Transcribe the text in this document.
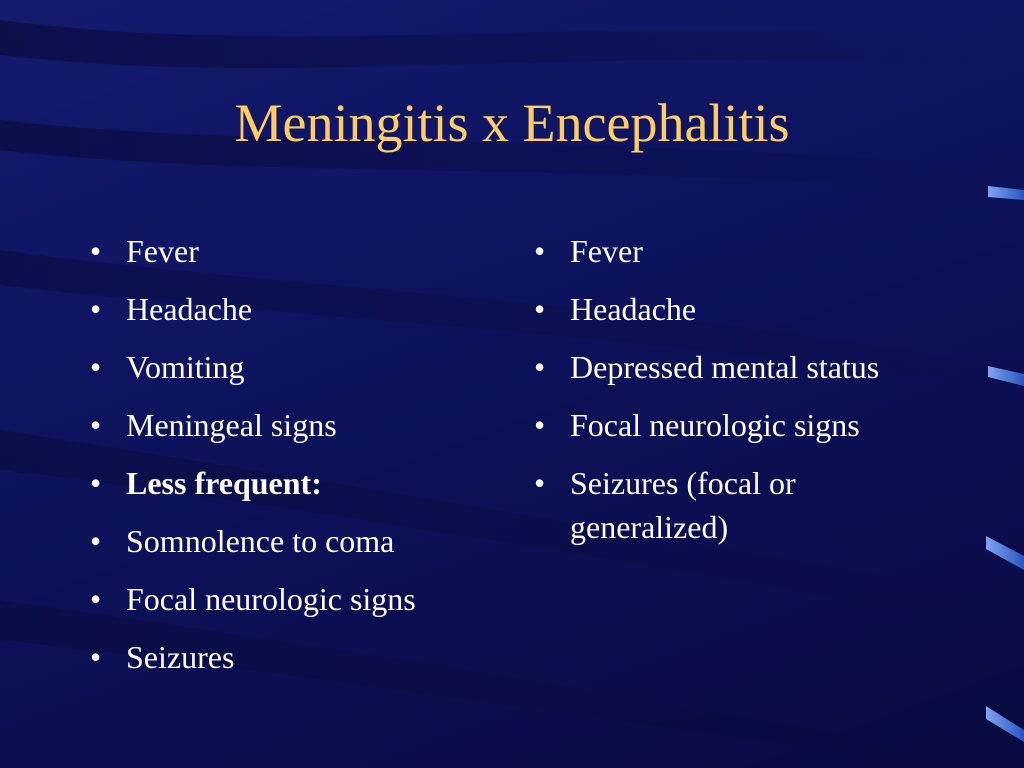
Meningitis x Encephalitis
• Fever
• Headache
• Vomiting
• Meningeal signs
• Less frequent:
• Somnolence to coma
• Focal neurologic signs
• Seizures
• Fever
• Headache
• Depressed mental status
• Focal neurologic signs
• Seizures (focal or generalized)
